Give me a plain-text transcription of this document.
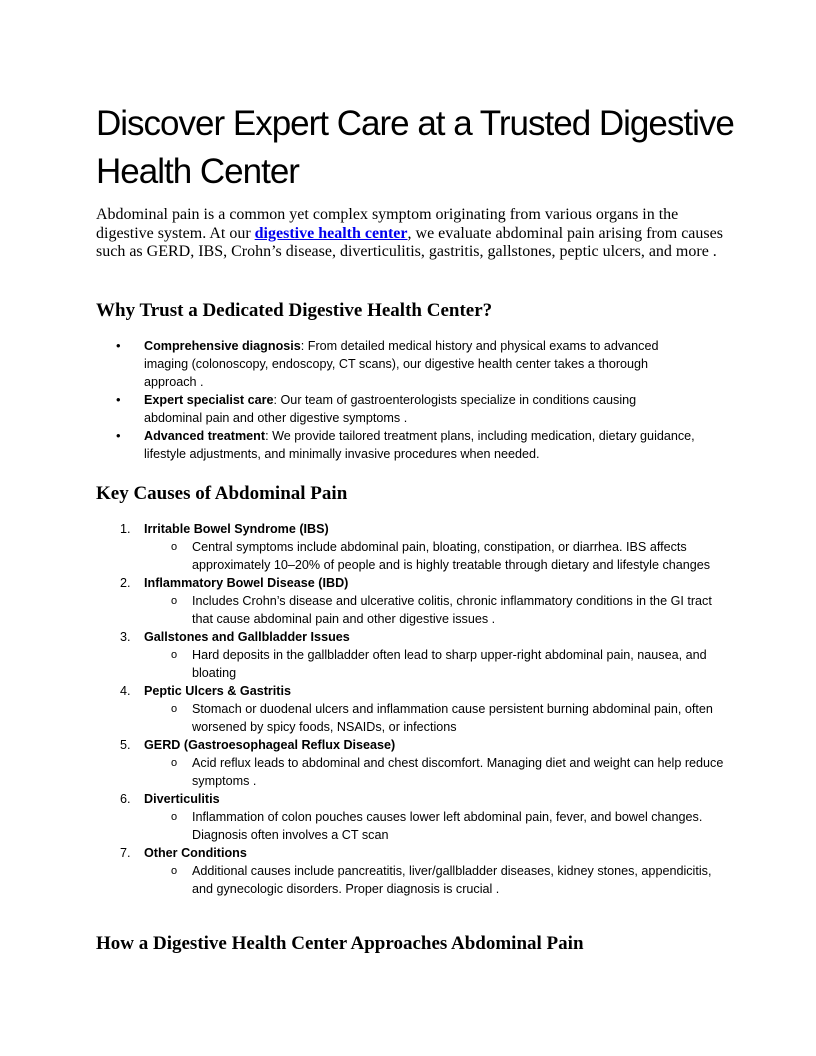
Discover Expert Care at a Trusted Digestive Health Center

Abdominal pain is a common yet complex symptom originating from various organs in the digestive system. At our digestive health center, we evaluate abdominal pain arising from causes such as GERD, IBS, Crohn’s disease, diverticulitis, gastritis, gallstones, peptic ulcers, and more .

Why Trust a Dedicated Digestive Health Center?
• Comprehensive diagnosis: From detailed medical history and physical exams to advanced imaging (colonoscopy, endoscopy, CT scans), our digestive health center takes a thorough approach .
• Expert specialist care: Our team of gastroenterologists specialize in conditions causing abdominal pain and other digestive symptoms .
• Advanced treatment: We provide tailored treatment plans, including medication, dietary guidance, lifestyle adjustments, and minimally invasive procedures when needed.
Key Causes of Abdominal Pain
1. Irritable Bowel Syndrome (IBS)
o Central symptoms include abdominal pain, bloating, constipation, or diarrhea. IBS affects approximately 10–20% of people and is highly treatable through dietary and lifestyle changes
2. Inflammatory Bowel Disease (IBD)
o Includes Crohn’s disease and ulcerative colitis, chronic inflammatory conditions in the GI tract that cause abdominal pain and other digestive issues .
3. Gallstones and Gallbladder Issues
o Hard deposits in the gallbladder often lead to sharp upper-right abdominal pain, nausea, and bloating
4. Peptic Ulcers & Gastritis
o Stomach or duodenal ulcers and inflammation cause persistent burning abdominal pain, often worsened by spicy foods, NSAIDs, or infections
5. GERD (Gastroesophageal Reflux Disease)
o Acid reflux leads to abdominal and chest discomfort. Managing diet and weight can help reduce symptoms .
6. Diverticulitis
o Inflammation of colon pouches causes lower left abdominal pain, fever, and bowel changes. Diagnosis often involves a CT scan
7. Other Conditions
o Additional causes include pancreatitis, liver/gallbladder diseases, kidney stones, appendicitis, and gynecologic disorders. Proper diagnosis is crucial .
How a Digestive Health Center Approaches Abdominal Pain
